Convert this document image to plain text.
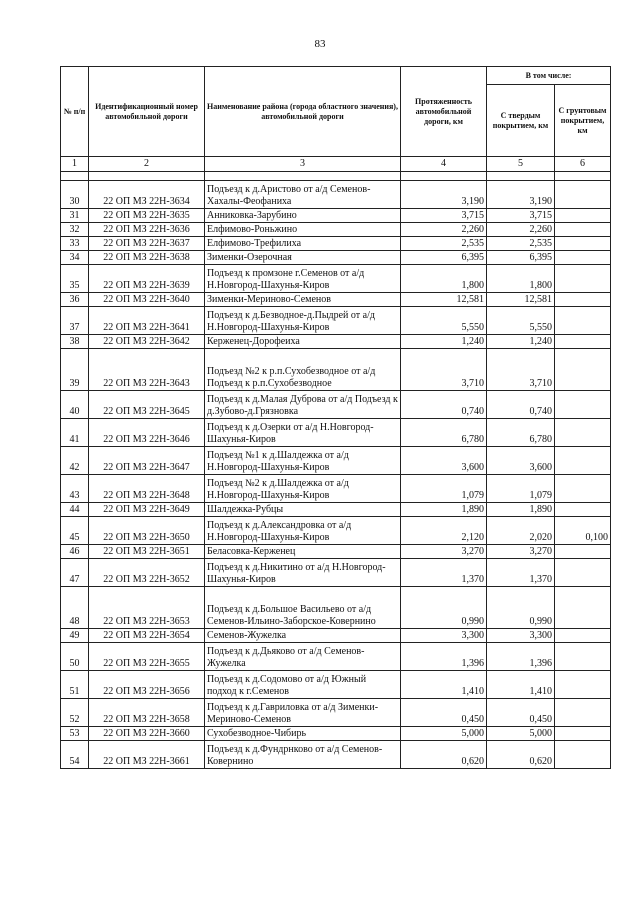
83
№ п/п	Идентификационный номер автомобильной дороги	Наименование района (города областного значения), автомобильной дороги	Протяженность автомобильной дороги, км	В том числе:	
				С твердым покрытием, км	С грунтовым покрытием, км
1	2	3	4	5	6

30	22 ОП МЗ 22Н-3634	Подъезд к д.Аристово от а/д Семенов-Хахалы-Феофаниха	3,190	3,190	
31	22 ОП МЗ 22Н-3635	Анниковка-Зарубино	3,715	3,715	
32	22 ОП МЗ 22Н-3636	Елфимово-Роньжино	2,260	2,260	
33	22 ОП МЗ 22Н-3637	Елфимово-Трефилиха	2,535	2,535	
34	22 ОП МЗ 22Н-3638	Зименки-Озерочная	6,395	6,395	
35	22 ОП МЗ 22Н-3639	Подъезд к промзоне г.Семенов от а/д Н.Новгород-Шахунья-Киров	1,800	1,800	
36	22 ОП МЗ 22Н-3640	Зименки-Мериново-Семенов	12,581	12,581	
37	22 ОП МЗ 22Н-3641	Подъезд к д.Безводное-д.Пыдрей от а/д Н.Новгород-Шахунья-Киров	5,550	5,550	
38	22 ОП МЗ 22Н-3642	Керженец-Дорофеиха	1,240	1,240	
39	22 ОП МЗ 22Н-3643	Подъезд №2 к р.п.Сухобезводное от а/д Подъезд к р.п.Сухобезводное	3,710	3,710	
40	22 ОП МЗ 22Н-3645	Подъезд к д.Малая Дуброва от а/д Подъезд к д.Зубово-д.Грязновка	0,740	0,740	
41	22 ОП МЗ 22Н-3646	Подъезд к д.Озерки от а/д Н.Новгород-Шахунья-Киров	6,780	6,780	
42	22 ОП МЗ 22Н-3647	Подъезд №1 к д.Шалдежка от а/д Н.Новгород-Шахунья-Киров	3,600	3,600	
43	22 ОП МЗ 22Н-3648	Подъезд №2 к д.Шалдежка от а/д Н.Новгород-Шахунья-Киров	1,079	1,079	
44	22 ОП МЗ 22Н-3649	Шалдежка-Рубцы	1,890	1,890	
45	22 ОП МЗ 22Н-3650	Подъезд к д.Александровка от а/д Н.Новгород-Шахунья-Киров	2,120	2,020	0,100
46	22 ОП МЗ 22Н-3651	Беласовка-Керженец	3,270	3,270	
47	22 ОП МЗ 22Н-3652	Подъезд к д.Никитино от а/д Н.Новгород-Шахунья-Киров	1,370	1,370	
48	22 ОП МЗ 22Н-3653	Подъезд к д.Большое Васильево от а/д Семенов-Ильино-Заборское-Ковернино	0,990	0,990	
49	22 ОП МЗ 22Н-3654	Семенов-Жужелка	3,300	3,300	
50	22 ОП МЗ 22Н-3655	Подъезд к д.Дьяково от а/д Семенов-Жужелка	1,396	1,396	
51	22 ОП МЗ 22Н-3656	Подъезд к д.Содомово от а/д Южный подход к г.Семенов	1,410	1,410	
52	22 ОП МЗ 22Н-3658	Подъезд к д.Гавриловка от а/д Зименки-Мериново-Семенов	0,450	0,450	
53	22 ОП МЗ 22Н-3660	Сухобезводное-Чибирь	5,000	5,000	
54	22 ОП МЗ 22Н-3661	Подъезд к д.Фундрнково от а/д Семенов-Ковернино	0,620	0,620	
